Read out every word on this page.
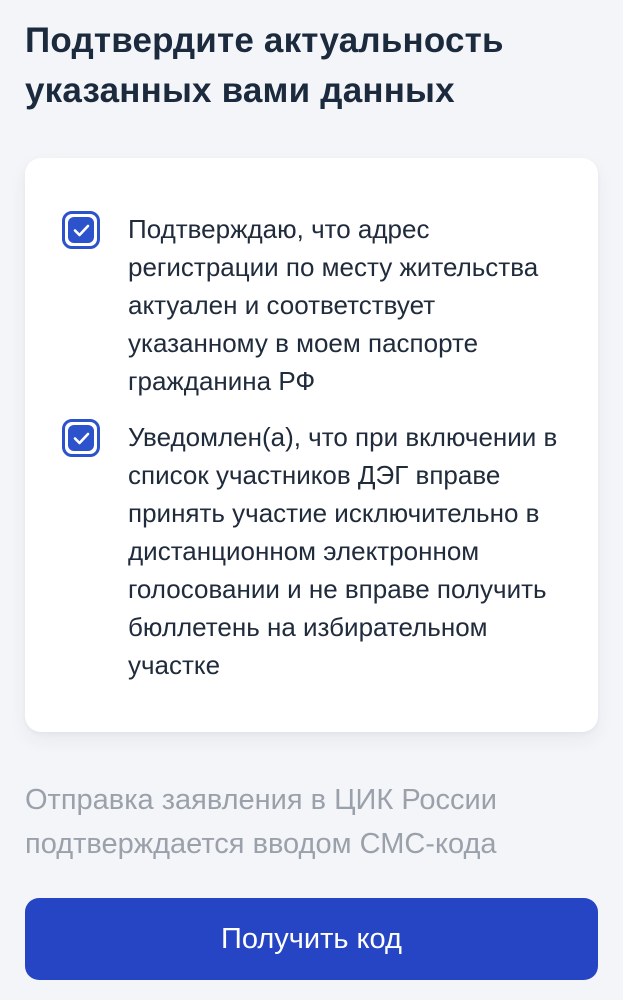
Подтвердите актуальность указанных вами данных
Подтверждаю, что адрес регистрации по месту жительства актуален и соответствует указанному в моем паспорте гражданина РФ
Уведомлен(а), что при включении в список участников ДЭГ вправе принять участие исключительно в дистанционном электронном голосовании и не вправе получить бюллетень на избирательном участке

Отправка заявления в ЦИК России подтверждается вводом СМС-кода

Получить код
